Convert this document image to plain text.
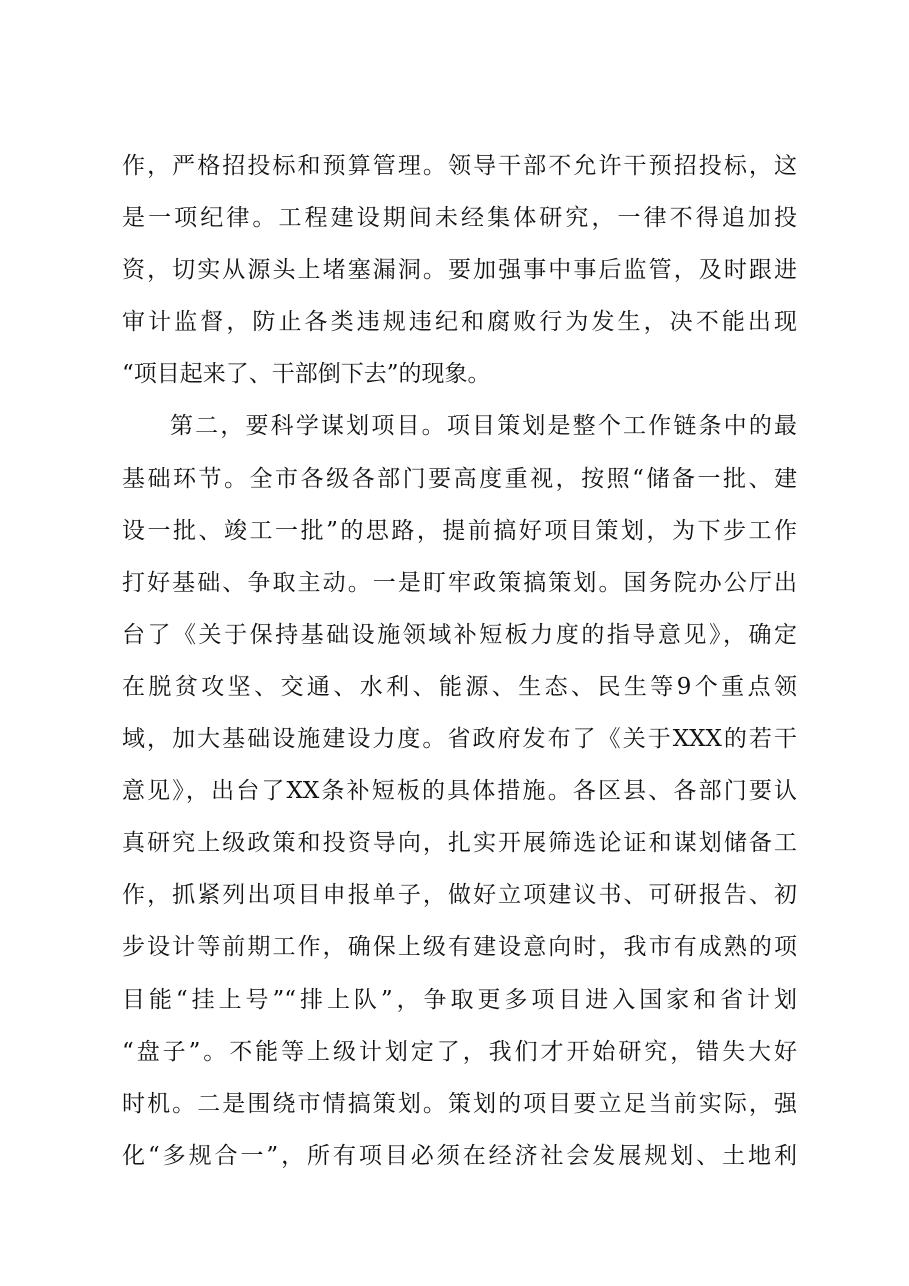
作，严格招投标和预算管理。领导干部不允许干预招投标，这
是一项纪律。工程建设期间未经集体研究，一律不得追加投
资，切实从源头上堵塞漏洞。要加强事中事后监管，及时跟进
审计监督，防止各类违规违纪和腐败行为发生，决不能出现
“项目起来了、干部倒下去”的现象。
第二，要科学谋划项目。项目策划是整个工作链条中的最
基础环节。全市各级各部门要高度重视，按照“储备一批、建
设一批、竣工一批”的思路，提前搞好项目策划，为下步工作
打好基础、争取主动。一是盯牢政策搞策划。国务院办公厅出
台了《关于保持基础设施领域补短板力度的指导意见》，确定
在脱贫攻坚、交通、水利、能源、生态、民生等9个重点领
域，加大基础设施建设力度。省政府发布了《关于XXX的若干
意见》，出台了XX条补短板的具体措施。各区县、各部门要认
真研究上级政策和投资导向，扎实开展筛选论证和谋划储备工
作，抓紧列出项目申报单子，做好立项建议书、可研报告、初
步设计等前期工作，确保上级有建设意向时，我市有成熟的项
目能“挂上号”“排上队”，争取更多项目进入国家和省计划
“盘子”。不能等上级计划定了，我们才开始研究，错失大好
时机。二是围绕市情搞策划。策划的项目要立足当前实际，强
化“多规合一”，所有项目必须在经济社会发展规划、土地利
